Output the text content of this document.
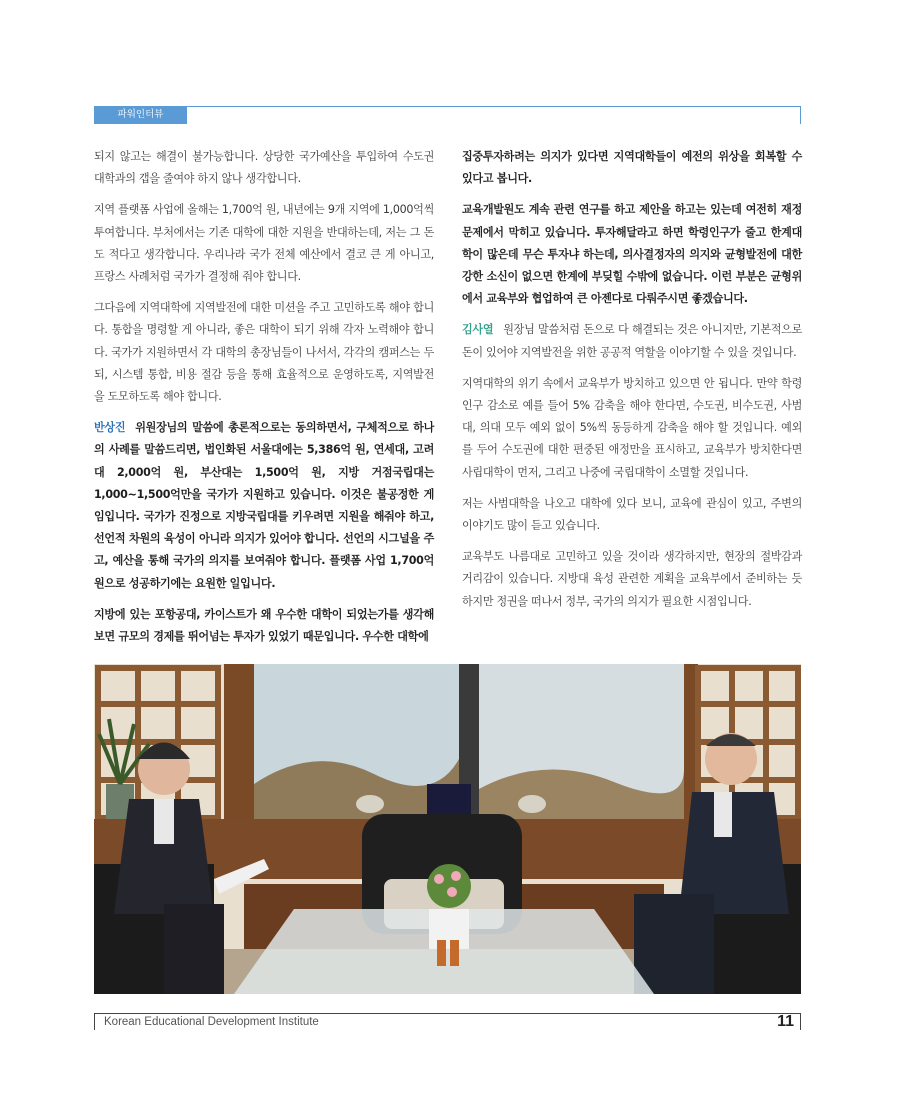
파워인터뷰

되지 않고는 해결이 불가능합니다. 상당한 국가예산을 투입하여 수도권 대학과의 갭을 줄여야 하지 않나 생각합니다.

지역 플랫폼 사업에 올해는 1,700억 원, 내년에는 9개 지역에 1,000억씩 투여합니다. 부처에서는 기존 대학에 대한 지원을 반대하는데, 저는 그 돈도 적다고 생각합니다. 우리나라 국가 전체 예산에서 결코 큰 게 아니고, 프랑스 사례처럼 국가가 결정해 줘야 합니다.

그다음에 지역대학에 지역발전에 대한 미션을 주고 고민하도록 해야 합니다. 통합을 명령할 게 아니라, 좋은 대학이 되기 위해 각자 노력해야 합니다. 국가가 지원하면서 각 대학의 총장님들이 나서서, 각각의 캠퍼스는 두되, 시스템 통합, 비용 절감 등을 통해 효율적으로 운영하도록, 지역발전을 도모하도록 해야 합니다.

반상진 위원장님의 말씀에 총론적으로는 동의하면서, 구체적으로 하나의 사례를 말씀드리면, 법인화된 서울대에는 5,386억 원, 연세대, 고려대 2,000억 원, 부산대는 1,500억 원, 지방 거점국립대는 1,000~1,500억만을 국가가 지원하고 있습니다. 이것은 불공정한 게임입니다. 국가가 진정으로 지방국립대를 키우려면 지원을 해줘야 하고, 선언적 차원의 육성이 아니라 의지가 있어야 합니다. 선언의 시그널을 주고, 예산을 통해 국가의 의지를 보여줘야 합니다. 플랫폼 사업 1,700억 원으로 성공하기에는 요원한 일입니다.

지방에 있는 포항공대, 카이스트가 왜 우수한 대학이 되었는가를 생각해 보면 규모의 경제를 뛰어넘는 투자가 있었기 때문입니다. 우수한 대학에

집중투자하려는 의지가 있다면 지역대학들이 예전의 위상을 회복할 수 있다고 봅니다.

교육개발원도 계속 관련 연구를 하고 제안을 하고는 있는데 여전히 재정 문제에서 막히고 있습니다. 투자해달라고 하면 학령인구가 줄고 한계대학이 많은데 무슨 투자냐 하는데, 의사결정자의 의지와 균형발전에 대한 강한 소신이 없으면 한계에 부딪힐 수밖에 없습니다. 이런 부분은 균형위에서 교육부와 협업하여 큰 아젠다로 다뤄주시면 좋겠습니다.

김사열 원장님 말씀처럼 돈으로 다 해결되는 것은 아니지만, 기본적으로 돈이 있어야 지역발전을 위한 공공적 역할을 이야기할 수 있을 것입니다.

지역대학의 위기 속에서 교육부가 방치하고 있으면 안 됩니다. 만약 학령인구 감소로 예를 들어 5% 감축을 해야 한다면, 수도권, 비수도권, 사범대, 의대 모두 예외 없이 5%씩 동등하게 감축을 해야 할 것입니다. 예외를 두어 수도권에 대한 편중된 애정만을 표시하고, 교육부가 방치한다면 사립대학이 먼저, 그리고 나중에 국립대학이 소멸할 것입니다.

저는 사범대학을 나오고 대학에 있다 보니, 교육에 관심이 있고, 주변의 이야기도 많이 듣고 있습니다.

교육부도 나름대로 고민하고 있을 것이라 생각하지만, 현장의 절박감과 거리감이 있습니다. 지방대 육성 관련한 계획을 교육부에서 준비하는 듯하지만 정권을 떠나서 정부, 국가의 의지가 필요한 시점입니다.

Korean Educational Development Institute	11
